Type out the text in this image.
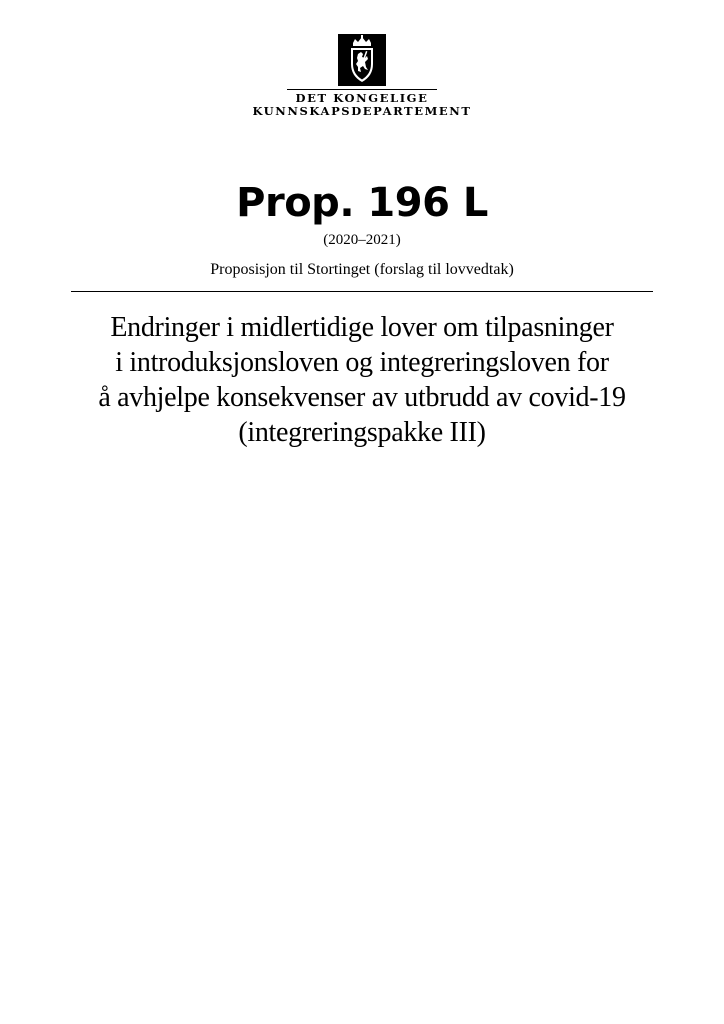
DET KONGELIGE
KUNNSKAPSDEPARTEMENT
Prop. 196 L
(2020–2021)
Proposisjon til Stortinget (forslag til lovvedtak)
Endringer i midlertidige lover om tilpasninger
i introduksjonsloven og integreringsloven for
å avhjelpe konsekvenser av utbrudd av covid-19
(integreringspakke III)
